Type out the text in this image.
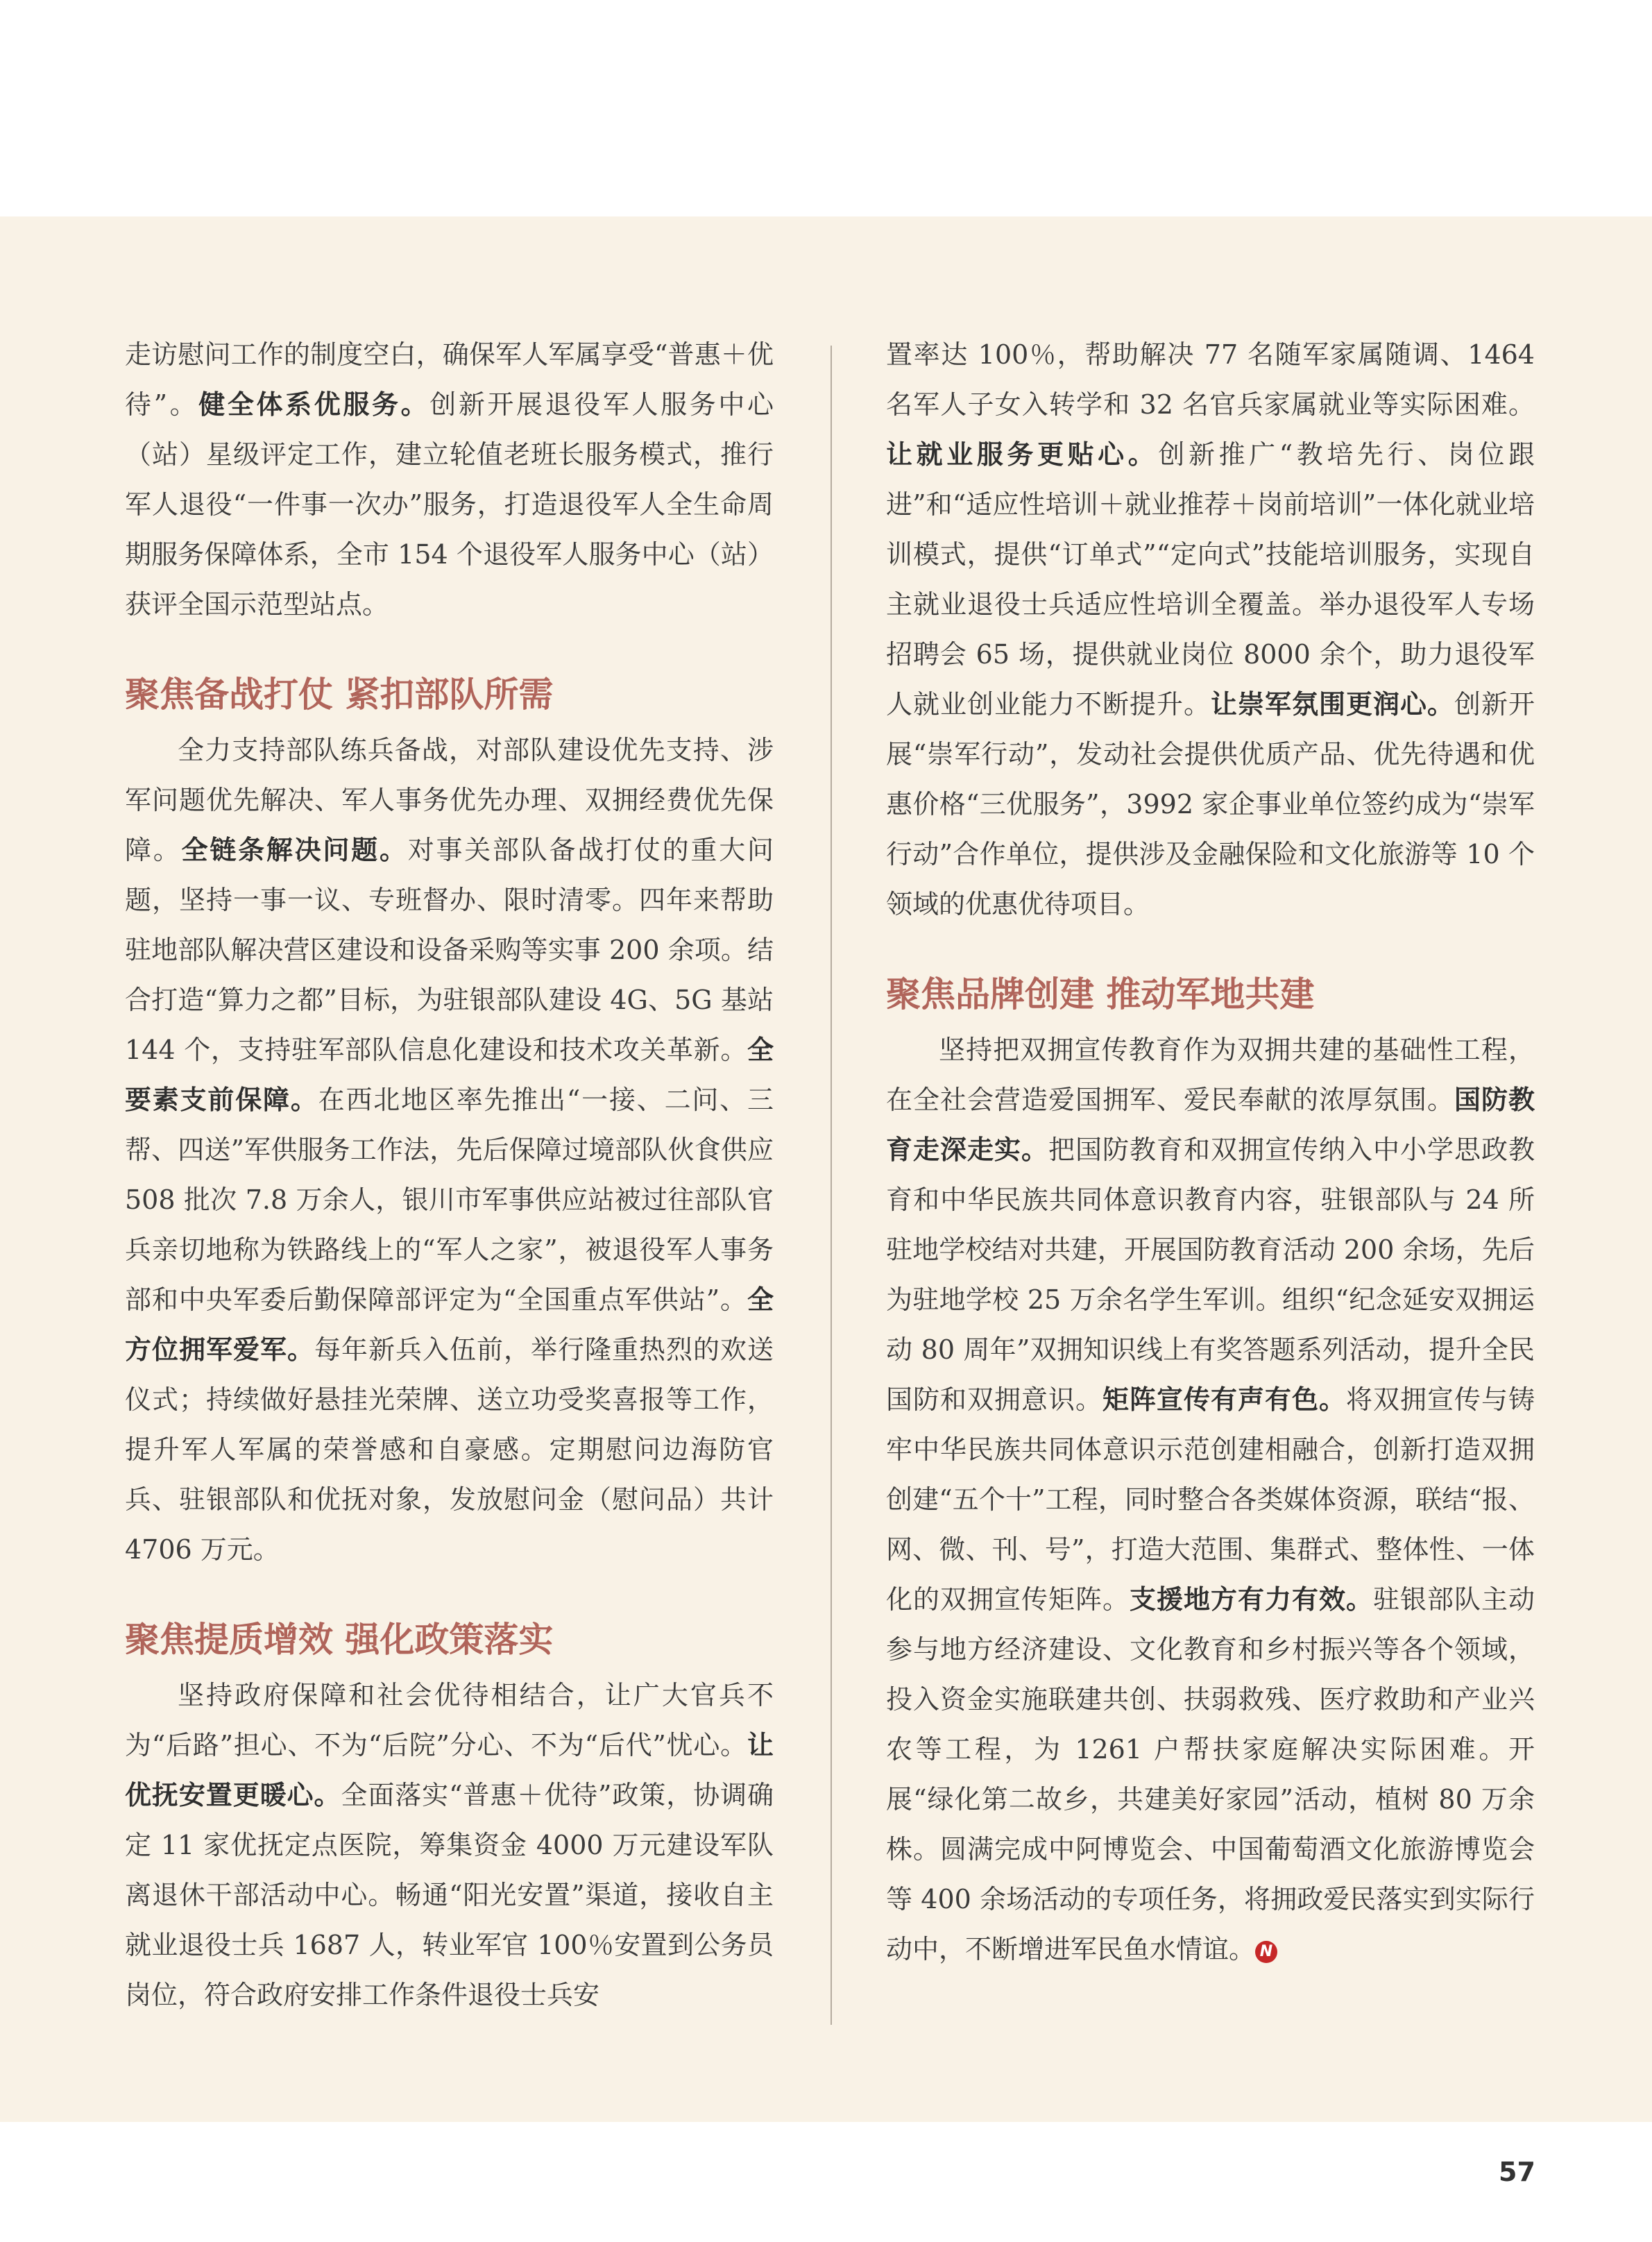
走访慰问工作的制度空白，确保军人军属享受“普惠＋优待”。健全体系优服务。创新开展退役军人服务中心（站）星级评定工作，建立轮值老班长服务模式，推行军人退役“一件事一次办”服务，打造退役军人全生命周期服务保障体系，全市 154 个退役军人服务中心（站）获评全国示范型站点。

聚焦备战打仗 紧扣部队所需

全力支持部队练兵备战，对部队建设优先支持、涉军问题优先解决、军人事务优先办理、双拥经费优先保障。全链条解决问题。对事关部队备战打仗的重大问题，坚持一事一议、专班督办、限时清零。四年来帮助驻地部队解决营区建设和设备采购等实事 200 余项。结合打造“算力之都”目标，为驻银部队建设 4G、5G 基站 144 个，支持驻军部队信息化建设和技术攻关革新。全要素支前保障。在西北地区率先推出“一接、二问、三帮、四送”军供服务工作法，先后保障过境部队伙食供应 508 批次 7.8 万余人，银川市军事供应站被过往部队官兵亲切地称为铁路线上的“军人之家”，被退役军人事务部和中央军委后勤保障部评定为“全国重点军供站”。全方位拥军爱军。每年新兵入伍前，举行隆重热烈的欢送仪式；持续做好悬挂光荣牌、送立功受奖喜报等工作，提升军人军属的荣誉感和自豪感。定期慰问边海防官兵、驻银部队和优抚对象，发放慰问金（慰问品）共计 4706 万元。

聚焦提质增效 强化政策落实

坚持政府保障和社会优待相结合，让广大官兵不为“后路”担心、不为“后院”分心、不为“后代”忧心。让优抚安置更暖心。全面落实“普惠＋优待”政策，协调确定 11 家优抚定点医院，筹集资金 4000 万元建设军队离退休干部活动中心。畅通“阳光安置”渠道，接收自主就业退役士兵 1687 人，转业军官 100％安置到公务员岗位，符合政府安排工作条件退役士兵安

置率达 100％，帮助解决 77 名随军家属随调、1464 名军人子女入转学和 32 名官兵家属就业等实际困难。让就业服务更贴心。创新推广“教培先行、岗位跟进”和“适应性培训＋就业推荐＋岗前培训”一体化就业培训模式，提供“订单式”“定向式”技能培训服务，实现自主就业退役士兵适应性培训全覆盖。举办退役军人专场招聘会 65 场，提供就业岗位 8000 余个，助力退役军人就业创业能力不断提升。让崇军氛围更润心。创新开展“崇军行动”，发动社会提供优质产品、优先待遇和优惠价格“三优服务”，3992 家企事业单位签约成为“崇军行动”合作单位，提供涉及金融保险和文化旅游等 10 个领域的优惠优待项目。

聚焦品牌创建 推动军地共建

坚持把双拥宣传教育作为双拥共建的基础性工程，在全社会营造爱国拥军、爱民奉献的浓厚氛围。国防教育走深走实。把国防教育和双拥宣传纳入中小学思政教育和中华民族共同体意识教育内容，驻银部队与 24 所驻地学校结对共建，开展国防教育活动 200 余场，先后为驻地学校 25 万余名学生军训。组织“纪念延安双拥运动 80 周年”双拥知识线上有奖答题系列活动，提升全民国防和双拥意识。矩阵宣传有声有色。将双拥宣传与铸牢中华民族共同体意识示范创建相融合，创新打造双拥创建“五个十”工程，同时整合各类媒体资源，联结“报、网、微、刊、号”，打造大范围、集群式、整体性、一体化的双拥宣传矩阵。支援地方有力有效。驻银部队主动参与地方经济建设、文化教育和乡村振兴等各个领域，投入资金实施联建共创、扶弱救残、医疗救助和产业兴农等工程，为 1261 户帮扶家庭解决实际困难。开展“绿化第二故乡，共建美好家园”活动，植树 80 万余株。圆满完成中阿博览会、中国葡萄酒文化旅游博览会等 400 余场活动的专项任务，将拥政爱民落实到实际行动中，不断增进军民鱼水情谊。 N

57
